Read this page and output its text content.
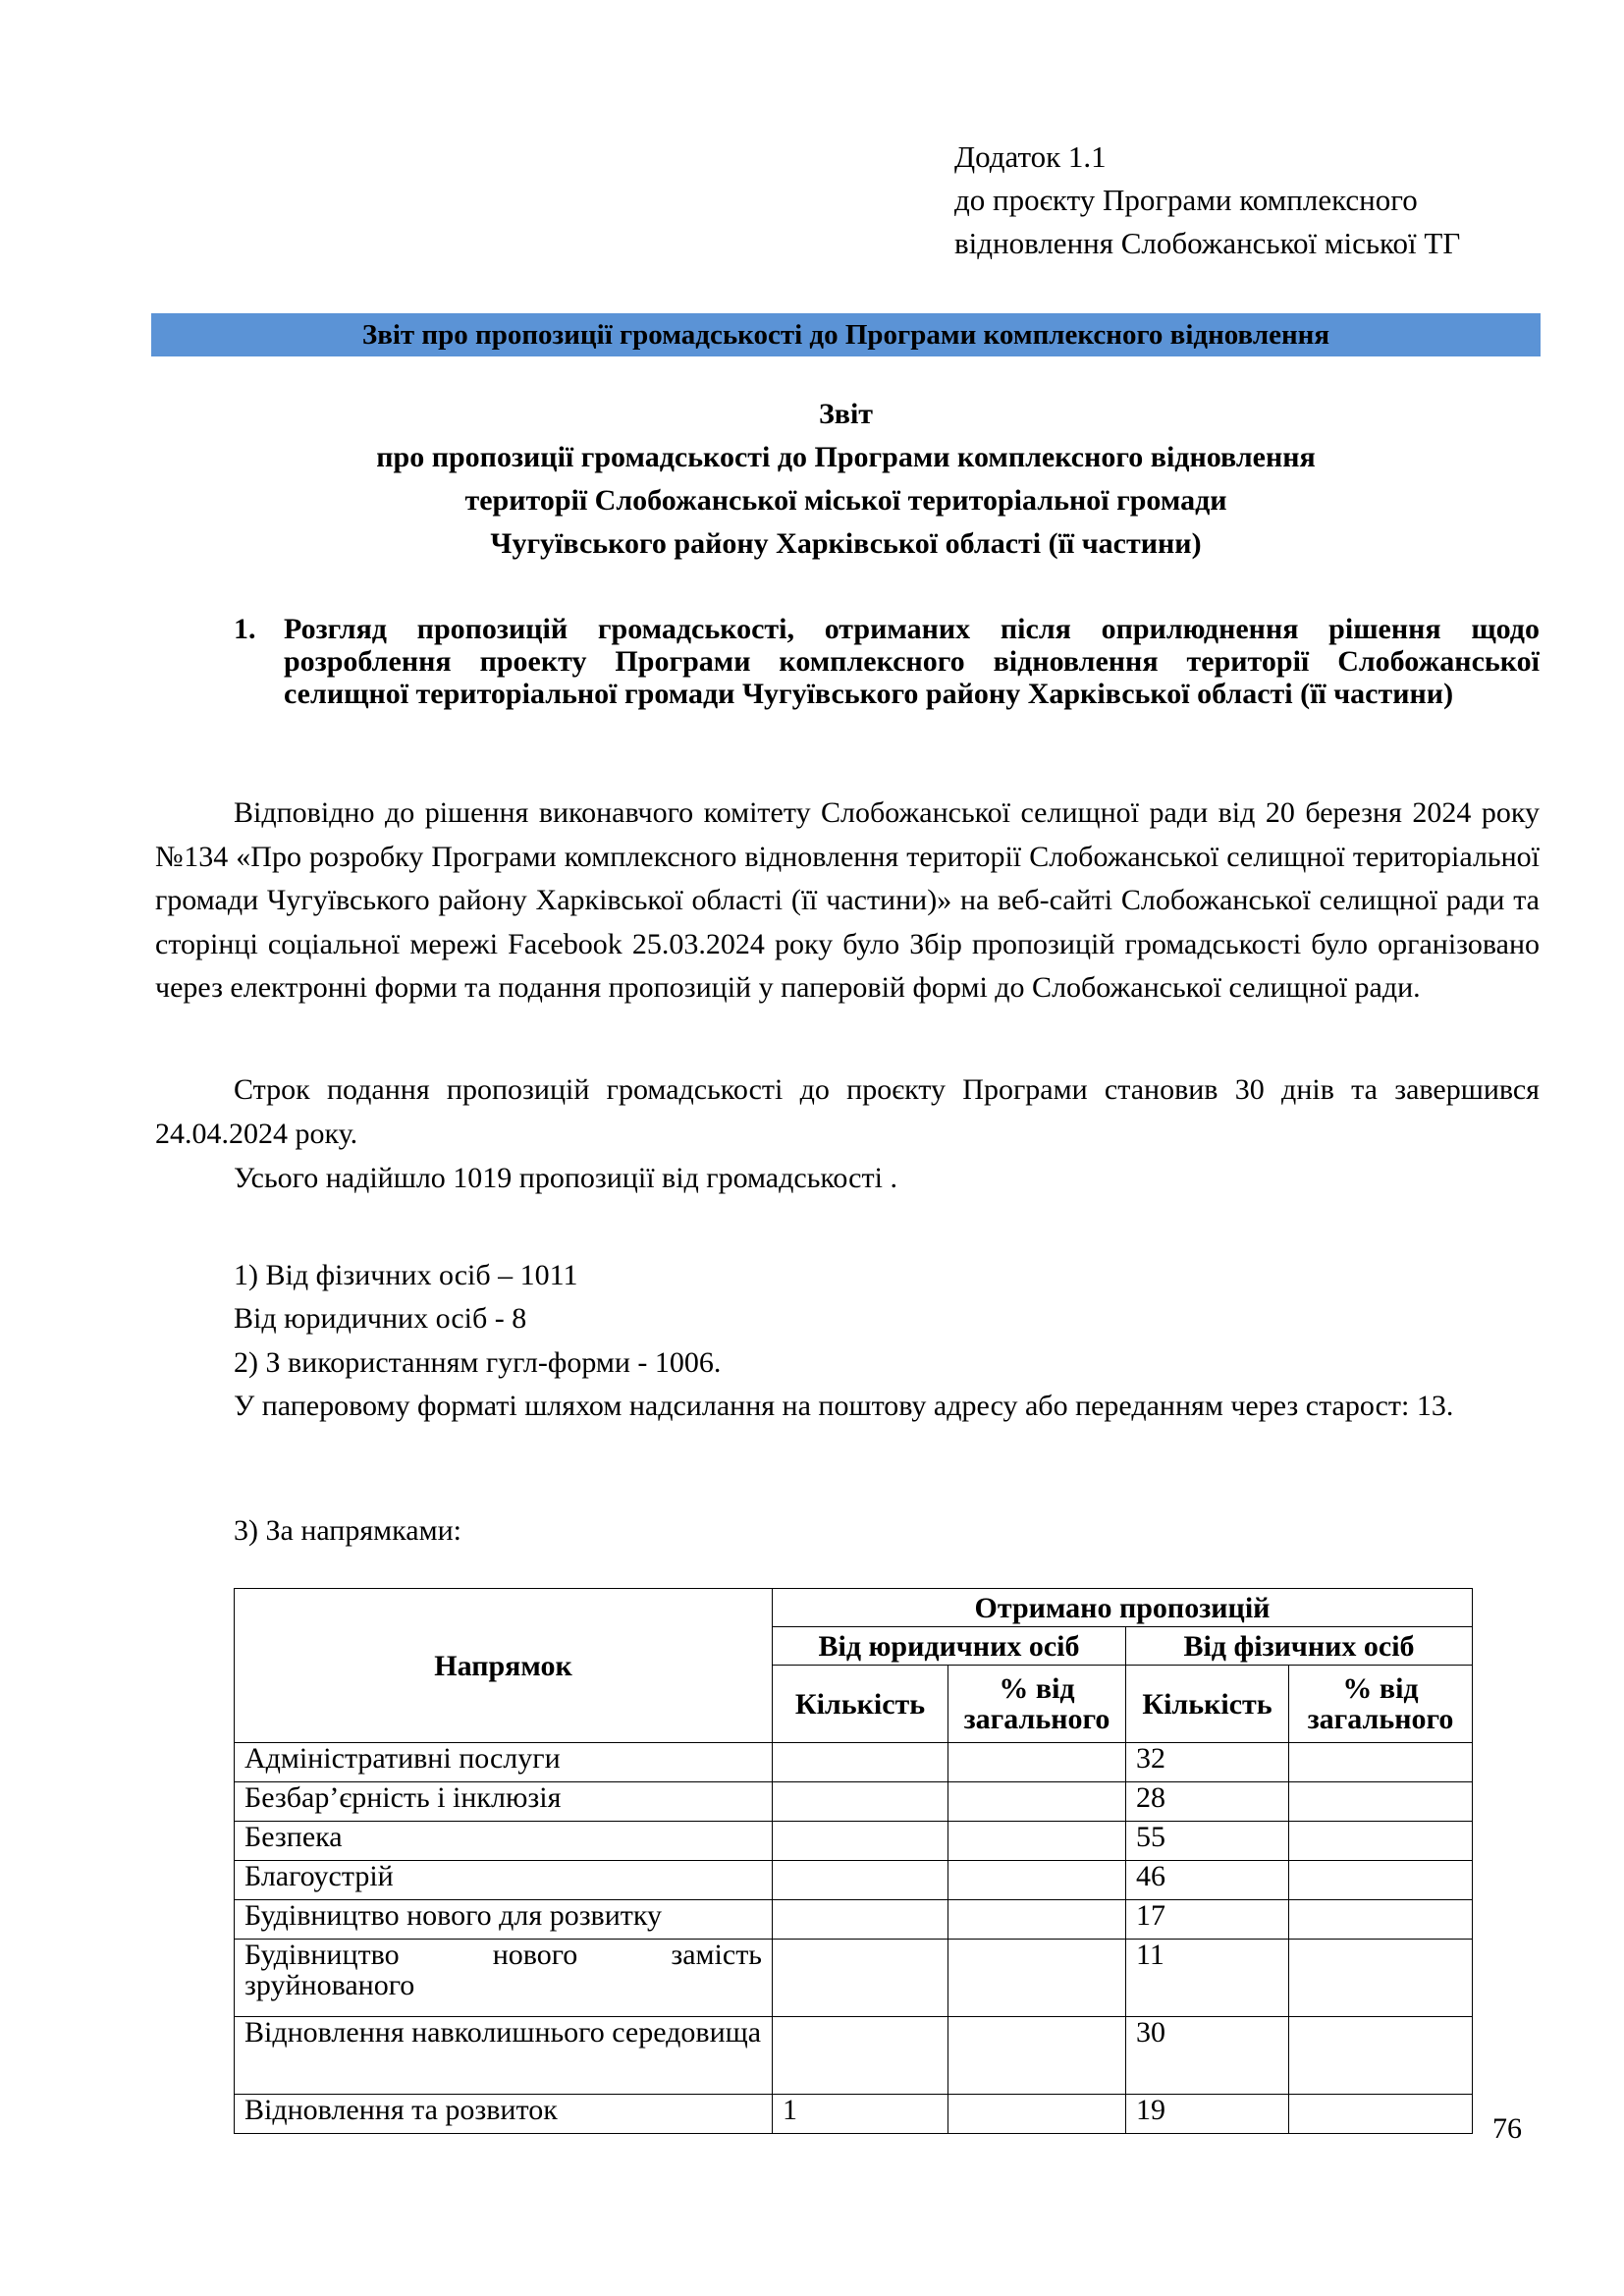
Додаток 1.1
до проєкту Програми комплексного
відновлення Слобожанської міської ТГ
Звіт про пропозиції громадськості до Програми комплексного відновлення
Звіт
про пропозиції громадськості до Програми комплексного відновлення
території Слобожанської міської територіальної громади
Чугуївського району Харківської області (її частини)
1. Розгляд пропозицій громадськості, отриманих після оприлюднення рішення щодо розроблення проекту Програми комплексного відновлення території Слобожанської селищної територіальної громади Чугуївського району Харківської області (її частини)
Відповідно до рішення виконавчого комітету Слобожанської селищної ради від 20 березня 2024 року №134 «Про розробку Програми комплексного відновлення території Слобожанської селищної територіальної громади Чугуївського району Харківської області (її частини)» на веб-сайті Слобожанської селищної ради та сторінці соціальної мережі Facebook 25.03.2024 року було Збір пропозицій громадськості було організовано через електронні форми та подання пропозицій у паперовій формі до Слобожанської селищної ради.
Строк подання пропозицій громадськості до проєкту Програми становив 30 днів та завершився 24.04.2024 року.
Усього надійшло 1019 пропозиції від громадськості .
1) Від фізичних осіб – 1011
Від юридичних осіб - 8
2) З використанням гугл-форми - 1006.
У паперовому форматі шляхом надсилання на поштову адресу або переданням через старост: 13.
3) За напрямками:
Напрямок	Отримано пропозицій			
	Від юридичних осіб		Від фізичних осіб	
	Кількість	% від загального	Кількість	% від загального
Адміністративні послуги			32	
Безбар’єрність і інклюзія			28	
Безпека			55	
Благоустрій			46	
Будівництво нового для розвитку			17	
Будівництво нового замість зруйнованого			11	
Відновлення навколишнього середовища			30	
Відновлення та розвиток	1		19	
76
